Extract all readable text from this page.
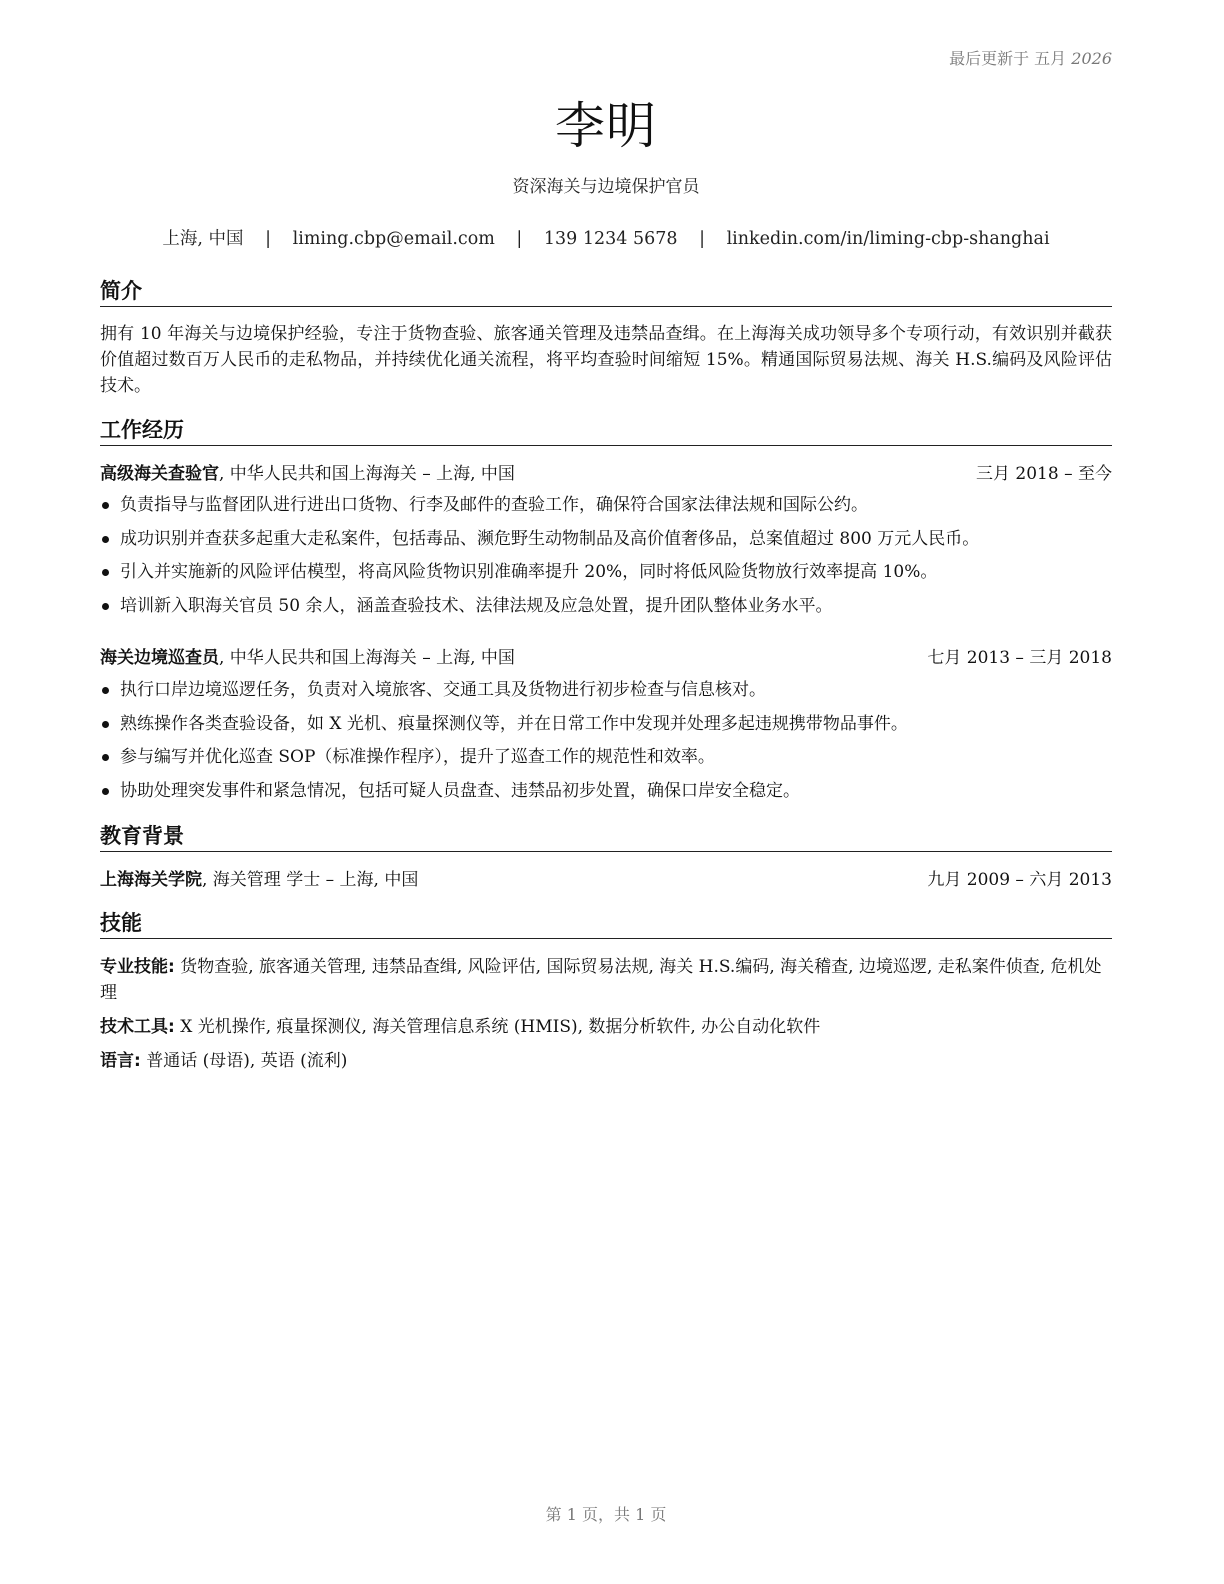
最后更新于 五月 2026
李明
资深海关与边境保护官员
上海, 中国 | liming.cbp@email.com | 139 1234 5678 | linkedin.com/in/liming-cbp-shanghai
简介
拥有 10 年海关与边境保护经验，专注于货物查验、旅客通关管理及违禁品查缉。在上海海关成功领导多个专项行动，有效识别并截获价值超过数百万人民币的走私物品，并持续优化通关流程，将平均查验时间缩短 15%。精通国际贸易法规、海关 H.S.编码及风险评估技术。
工作经历
高级海关查验官, 中华人民共和国上海海关 – 上海, 中国	三月 2018 – 至今
负责指导与监督团队进行进出口货物、行李及邮件的查验工作，确保符合国家法律法规和国际公约。
成功识别并查获多起重大走私案件，包括毒品、濒危野生动物制品及高价值奢侈品，总案值超过 800 万元人民币。
引入并实施新的风险评估模型，将高风险货物识别准确率提升 20%，同时将低风险货物放行效率提高 10%。
培训新入职海关官员 50 余人，涵盖查验技术、法律法规及应急处置，提升团队整体业务水平。
海关边境巡查员, 中华人民共和国上海海关 – 上海, 中国	七月 2013 – 三月 2018
执行口岸边境巡逻任务，负责对入境旅客、交通工具及货物进行初步检查与信息核对。
熟练操作各类查验设备，如 X 光机、痕量探测仪等，并在日常工作中发现并处理多起违规携带物品事件。
参与编写并优化巡查 SOP（标准操作程序），提升了巡查工作的规范性和效率。
协助处理突发事件和紧急情况，包括可疑人员盘查、违禁品初步处置，确保口岸安全稳定。
教育背景
上海海关学院, 海关管理 学士 – 上海, 中国	九月 2009 – 六月 2013
技能
专业技能: 货物查验, 旅客通关管理, 违禁品查缉, 风险评估, 国际贸易法规, 海关 H.S.编码, 海关稽查, 边境巡逻, 走私案件侦查, 危机处理
技术工具: X 光机操作, 痕量探测仪, 海关管理信息系统 (HMIS), 数据分析软件, 办公自动化软件
语言: 普通话 (母语), 英语 (流利)
第 1 页，共 1 页
